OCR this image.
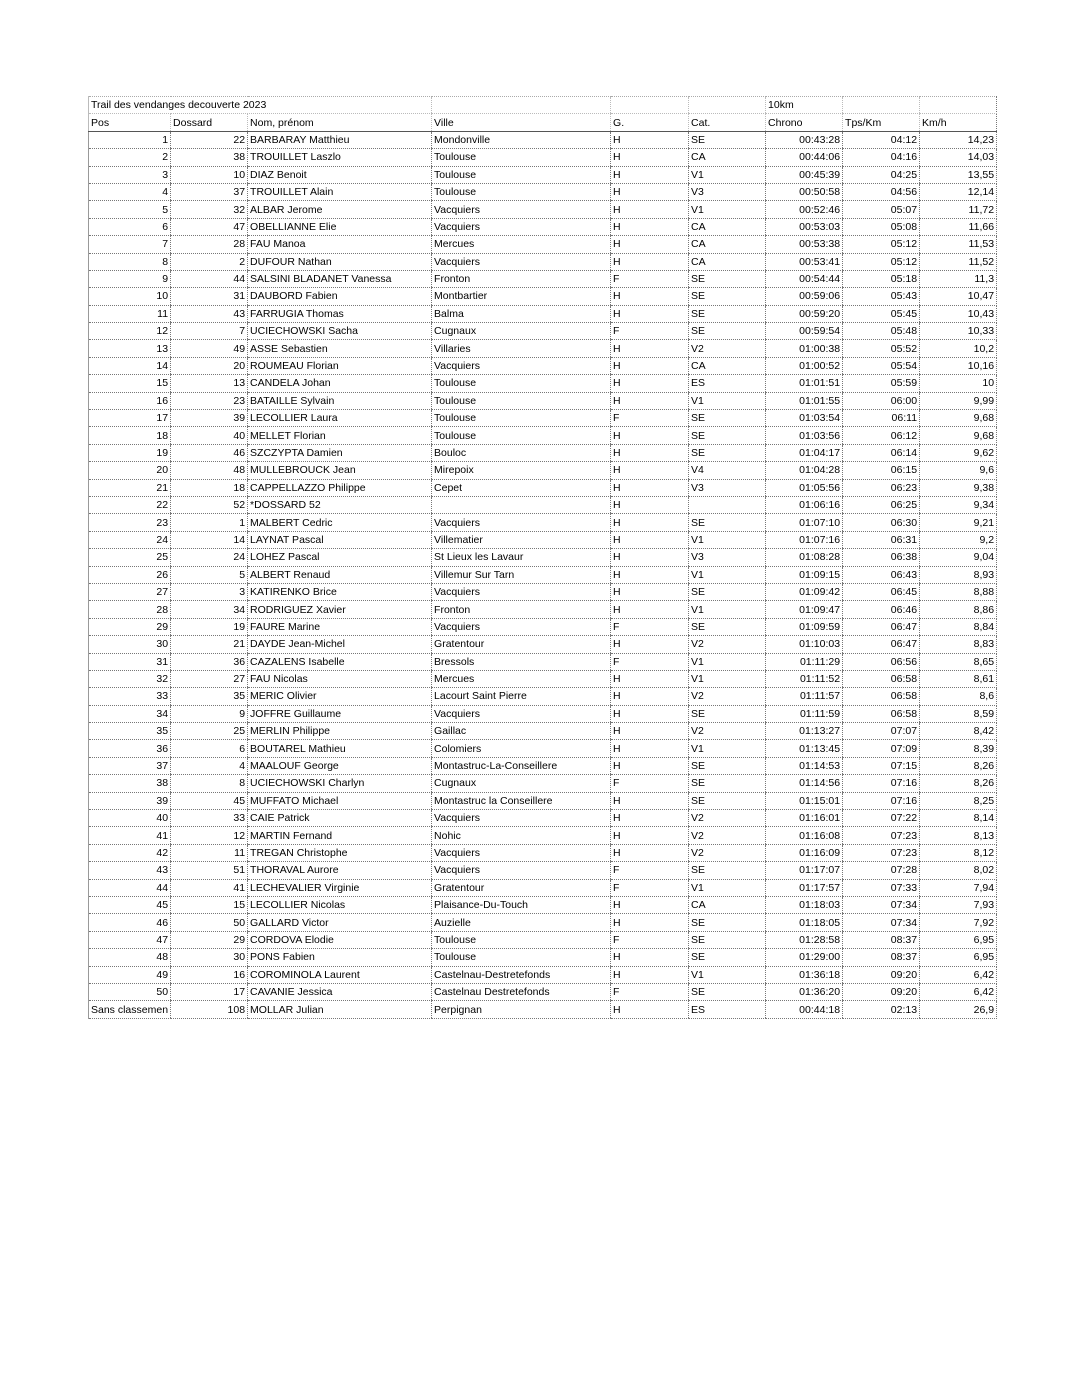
Trail des vendanges decouverte 2023						10km		
Pos	Dossard	Nom, prénom	Ville	G.	Cat.	Chrono	Tps/Km	Km/h
1	22	BARBARAY Matthieu	Mondonville	H	SE	00:43:28	04:12	14,23
2	38	TROUILLET Laszlo	Toulouse	H	CA	00:44:06	04:16	14,03
3	10	DIAZ Benoit	Toulouse	H	V1	00:45:39	04:25	13,55
4	37	TROUILLET Alain	Toulouse	H	V3	00:50:58	04:56	12,14
5	32	ALBAR Jerome	Vacquiers	H	V1	00:52:46	05:07	11,72
6	47	OBELLIANNE Elie	Vacquiers	H	CA	00:53:03	05:08	11,66
7	28	FAU Manoa	Mercues	H	CA	00:53:38	05:12	11,53
8	2	DUFOUR Nathan	Vacquiers	H	CA	00:53:41	05:12	11,52
9	44	SALSINI BLADANET Vanessa	Fronton	F	SE	00:54:44	05:18	11,3
10	31	DAUBORD Fabien	Montbartier	H	SE	00:59:06	05:43	10,47
11	43	FARRUGIA Thomas	Balma	H	SE	00:59:20	05:45	10,43
12	7	UCIECHOWSKI Sacha	Cugnaux	F	SE	00:59:54	05:48	10,33
13	49	ASSE Sebastien	Villaries	H	V2	01:00:38	05:52	10,2
14	20	ROUMEAU Florian	Vacquiers	H	CA	01:00:52	05:54	10,16
15	13	CANDELA Johan	Toulouse	H	ES	01:01:51	05:59	10
16	23	BATAILLE Sylvain	Toulouse	H	V1	01:01:55	06:00	9,99
17	39	LECOLLIER Laura	Toulouse	F	SE	01:03:54	06:11	9,68
18	40	MELLET Florian	Toulouse	H	SE	01:03:56	06:12	9,68
19	46	SZCZYPTA Damien	Bouloc	H	SE	01:04:17	06:14	9,62
20	48	MULLEBROUCK Jean	Mirepoix	H	V4	01:04:28	06:15	9,6
21	18	CAPPELLAZZO Philippe	Cepet	H	V3	01:05:56	06:23	9,38
22	52	*DOSSARD 52		H		01:06:16	06:25	9,34
23	1	MALBERT Cedric	Vacquiers	H	SE	01:07:10	06:30	9,21
24	14	LAYNAT Pascal	Villematier	H	V1	01:07:16	06:31	9,2
25	24	LOHEZ Pascal	St Lieux les Lavaur	H	V3	01:08:28	06:38	9,04
26	5	ALBERT Renaud	Villemur Sur Tarn	H	V1	01:09:15	06:43	8,93
27	3	KATIRENKO Brice	Vacquiers	H	SE	01:09:42	06:45	8,88
28	34	RODRIGUEZ Xavier	Fronton	H	V1	01:09:47	06:46	8,86
29	19	FAURE Marine	Vacquiers	F	SE	01:09:59	06:47	8,84
30	21	DAYDE Jean-Michel	Gratentour	H	V2	01:10:03	06:47	8,83
31	36	CAZALENS Isabelle	Bressols	F	V1	01:11:29	06:56	8,65
32	27	FAU Nicolas	Mercues	H	V1	01:11:52	06:58	8,61
33	35	MERIC Olivier	Lacourt Saint Pierre	H	V2	01:11:57	06:58	8,6
34	9	JOFFRE Guillaume	Vacquiers	H	SE	01:11:59	06:58	8,59
35	25	MERLIN Philippe	Gaillac	H	V2	01:13:27	07:07	8,42
36	6	BOUTAREL Mathieu	Colomiers	H	V1	01:13:45	07:09	8,39
37	4	MAALOUF George	Montastruc-La-Conseillere	H	SE	01:14:53	07:15	8,26
38	8	UCIECHOWSKI Charlyn	Cugnaux	F	SE	01:14:56	07:16	8,26
39	45	MUFFATO Michael	Montastruc la Conseillere	H	SE	01:15:01	07:16	8,25
40	33	CAIE Patrick	Vacquiers	H	V2	01:16:01	07:22	8,14
41	12	MARTIN Fernand	Nohic	H	V2	01:16:08	07:23	8,13
42	11	TREGAN Christophe	Vacquiers	H	V2	01:16:09	07:23	8,12
43	51	THORAVAL Aurore	Vacquiers	F	SE	01:17:07	07:28	8,02
44	41	LECHEVALIER Virginie	Gratentour	F	V1	01:17:57	07:33	7,94
45	15	LECOLLIER Nicolas	Plaisance-Du-Touch	H	CA	01:18:03	07:34	7,93
46	50	GALLARD Victor	Auzielle	H	SE	01:18:05	07:34	7,92
47	29	CORDOVA Elodie	Toulouse	F	SE	01:28:58	08:37	6,95
48	30	PONS Fabien	Toulouse	H	SE	01:29:00	08:37	6,95
49	16	COROMINOLA Laurent	Castelnau-Destretefonds	H	V1	01:36:18	09:20	6,42
50	17	CAVANIE Jessica	Castelnau Destretefonds	F	SE	01:36:20	09:20	6,42
Sans classemen	108	MOLLAR Julian	Perpignan	H	ES	00:44:18	02:13	26,9
